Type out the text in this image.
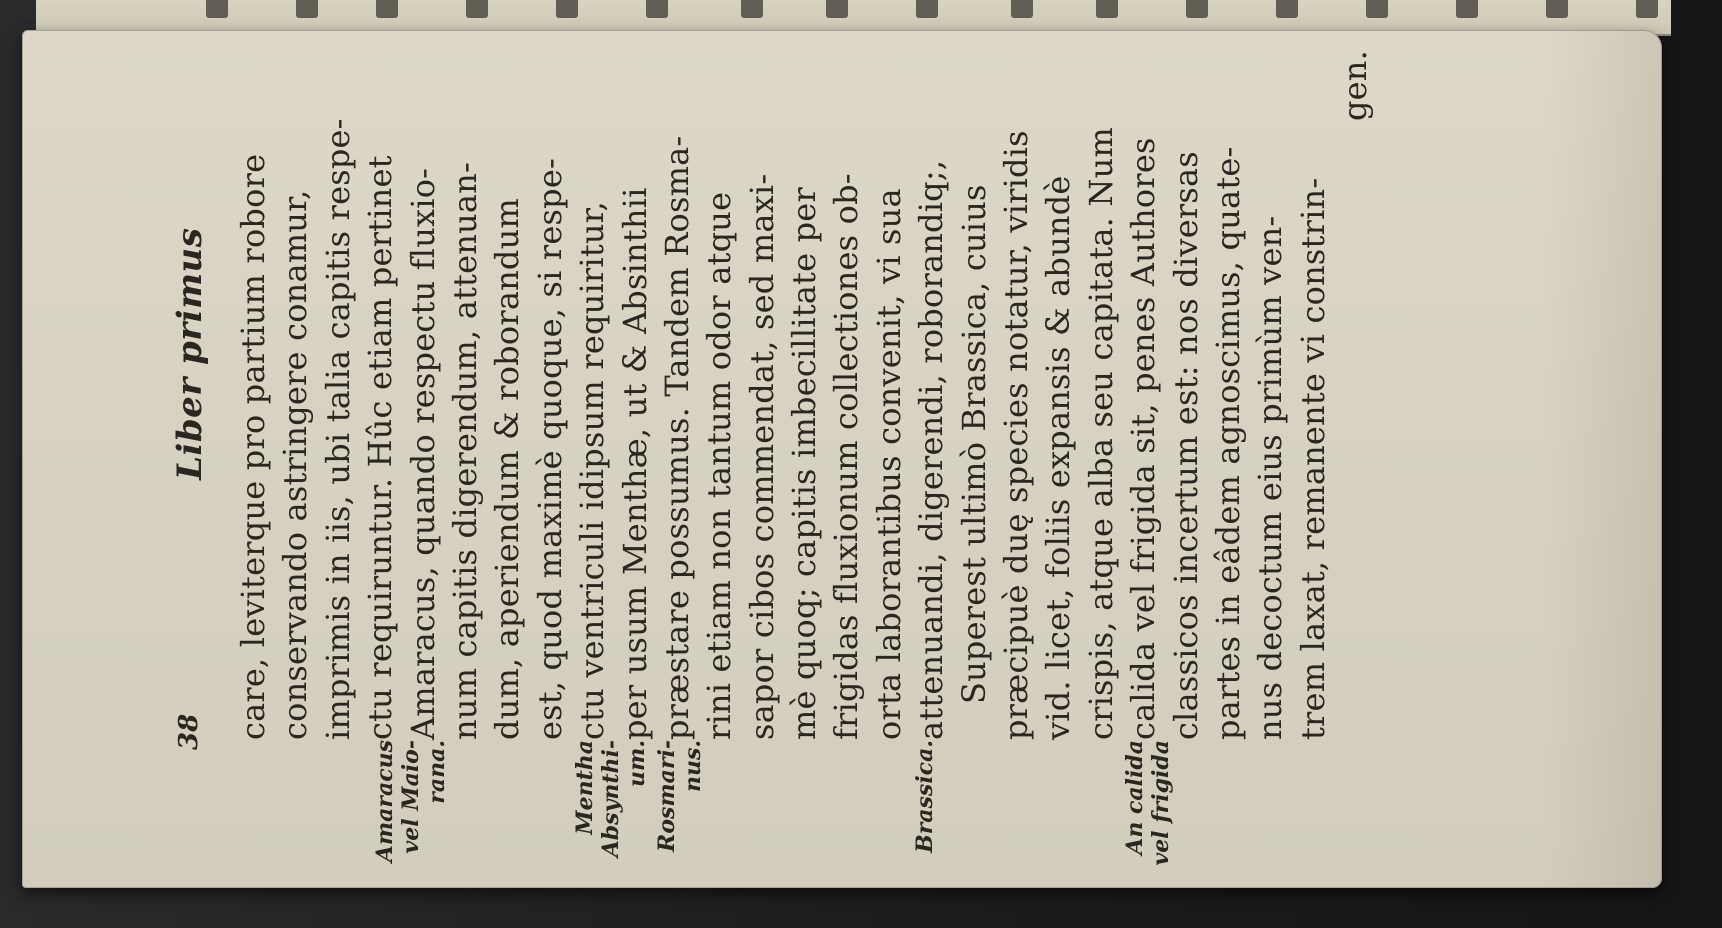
38
Liber primus
Amaracus vel Maio- rana.	Mentha Absynthi- um. Rosmari- nus.	Brassica.	An calida vel frigida
care, leviterque pro partium robore conservando astringere conamur, imprimis in iis, ubi talia capitis respe- ctu requiruntur. Hûc etiam pertinet Amaracus, quando respectu fluxio- num capitis digerendum, attenuan- dum, aperiendum & roborandum est, quod maximè quoque, si respe- ctu ventriculi idipsum requiritur, per usum Menthæ, ut & Absinthii præstare possumus. Tandem Rosma- rini etiam non tantum odor atque sapor cibos commendat, sed maxi- mè quoq; capitis imbecillitate per frigidas fluxionum collectiones ob- orta laborantibus convenit, vi sua attenuandi, digerendi, roborandiq;, Superest ultimò Brassica, cuius præcipuè duę species notatur, viridis vid. licet, foliis expansis & abundè crispis, atque alba seu capitata. Num calida vel frigida sit, penes Authores classicos incertum est: nos diversas partes in eâdem agnoscimus, quate- nus decoctum eius primùm ven- trem laxat, remanente vi constrin-
gen.
